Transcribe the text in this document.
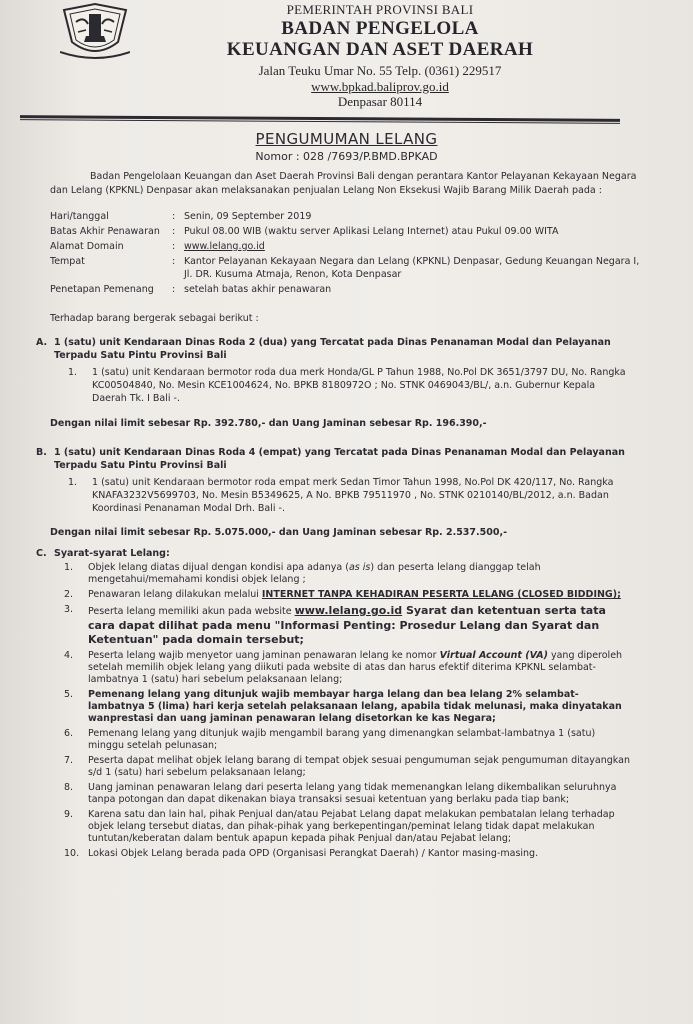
PEMERINTAH PROVINSI BALI
BADAN PENGELOLA
KEUANGAN DAN ASET DAERAH
Jalan Teuku Umar No. 55 Telp. (0361) 229517
www.bpkad.baliprov.go.id
Denpasar 80114
PENGUMUMAN LELANG
Nomor : 028 /7693/P.BMD.BPKAD
Badan Pengelolaan Keuangan dan Aset Daerah Provinsi Bali dengan perantara Kantor Pelayanan Kekayaan Negara dan Lelang (KPKNL) Denpasar akan melaksanakan penjualan Lelang Non Eksekusi Wajib Barang Milik Daerah pada :
Hari/tanggal	: Senin, 09 September 2019
Batas Akhir Penawaran	: Pukul 08.00 WIB (waktu server Aplikasi Lelang Internet) atau Pukul 09.00 WITA
Alamat Domain	: www.lelang.go.id
Tempat	: Kantor Pelayanan Kekayaan Negara dan Lelang (KPKNL) Denpasar, Gedung Keuangan Negara I, Jl. DR. Kusuma Atmaja, Renon, Kota Denpasar
Penetapan Pemenang	: setelah batas akhir penawaran
Terhadap barang bergerak sebagai berikut :
A. 1 (satu) unit Kendaraan Dinas Roda 2 (dua) yang Tercatat pada Dinas Penanaman Modal dan Pelayanan Terpadu Satu Pintu Provinsi Bali
1.	1 (satu) unit Kendaraan bermotor roda dua merk Honda/GL P Tahun 1988, No.Pol DK 3651/3797 DU, No. Rangka KC00504840, No. Mesin KCE1004624, No. BPKB 8180972O ; No. STNK 0469043/BL/, a.n. Gubernur Kepala Daerah Tk. I Bali -.
Dengan nilai limit sebesar Rp. 392.780,- dan Uang Jaminan sebesar Rp. 196.390,-
B. 1 (satu) unit Kendaraan Dinas Roda 4 (empat) yang Tercatat pada Dinas Penanaman Modal dan Pelayanan Terpadu Satu Pintu Provinsi Bali
1.	1 (satu) unit Kendaraan bermotor roda empat merk Sedan Timor Tahun 1998, No.Pol DK 420/117, No. Rangka KNAFA3232V5699703, No. Mesin B5349625, A No. BPKB 79511970 , No. STNK 0210140/BL/2012, a.n. Badan Koordinasi Penanaman Modal Drh. Bali -.
Dengan nilai limit sebesar Rp. 5.075.000,- dan Uang Jaminan sebesar Rp. 2.537.500,-
C. Syarat-syarat Lelang:
1.	Objek lelang diatas dijual dengan kondisi apa adanya (as is) dan peserta lelang dianggap telah mengetahui/memahami kondisi objek lelang ;
2.	Penawaran lelang dilakukan melalui INTERNET TANPA KEHADIRAN PESERTA LELANG (CLOSED BIDDING);
3.	Peserta lelang memiliki akun pada website www.lelang.go.id Syarat dan ketentuan serta tata cara dapat dilihat pada menu "Informasi Penting: Prosedur Lelang dan Syarat dan Ketentuan" pada domain tersebut;
4.	Peserta lelang wajib menyetor uang jaminan penawaran lelang ke nomor Virtual Account (VA) yang diperoleh setelah memilih objek lelang yang diikuti pada website di atas dan harus efektif diterima KPKNL selambat-lambatnya 1 (satu) hari sebelum pelaksanaan lelang;
5.	Pemenang lelang yang ditunjuk wajib membayar harga lelang dan bea lelang 2% selambat-lambatnya 5 (lima) hari kerja setelah pelaksanaan lelang, apabila tidak melunasi, maka dinyatakan wanprestasi dan uang jaminan penawaran lelang disetorkan ke kas Negara;
6.	Pemenang lelang yang ditunjuk wajib mengambil barang yang dimenangkan selambat-lambatnya 1 (satu) minggu setelah pelunasan;
7.	Peserta dapat melihat objek lelang barang di tempat objek sesuai pengumuman sejak pengumuman ditayangkan s/d 1 (satu) hari sebelum pelaksanaan lelang;
8.	Uang jaminan penawaran lelang dari peserta lelang yang tidak memenangkan lelang dikembalikan seluruhnya tanpa potongan dan dapat dikenakan biaya transaksi sesuai ketentuan yang berlaku pada tiap bank;
9.	Karena satu dan lain hal, pihak Penjual dan/atau Pejabat Lelang dapat melakukan pembatalan lelang terhadap objek lelang tersebut diatas, dan pihak-pihak yang berkepentingan/peminat lelang tidak dapat melakukan tuntutan/keberatan dalam bentuk apapun kepada pihak Penjual dan/atau Pejabat lelang;
10. Lokasi Objek Lelang berada pada OPD (Organisasi Perangkat Daerah) / Kantor masing-masing.
